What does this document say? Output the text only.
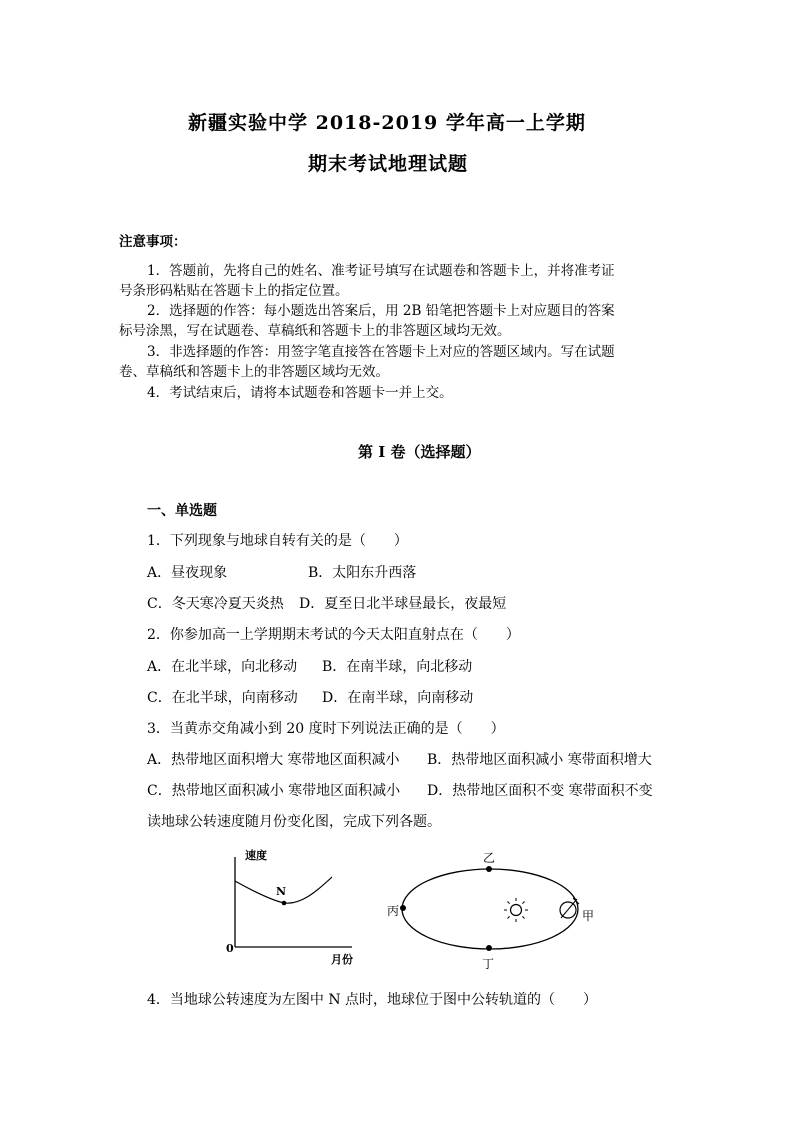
新疆实验中学 2018-2019 学年高一上学期
期末考试地理试题
注意事项：
1．答题前，先将自己的姓名、准考证号填写在试题卷和答题卡上，并将准考证
号条形码粘贴在答题卡上的指定位置。
2．选择题的作答：每小题选出答案后，用 2B 铅笔把答题卡上对应题目的答案
标号涂黑，写在试题卷、草稿纸和答题卡上的非答题区域均无效。
3．非选择题的作答：用签字笔直接答在答题卡上对应的答题区域内。写在试题
卷、草稿纸和答题卡上的非答题区域均无效。
4．考试结束后，请将本试题卷和答题卡一并上交。
第 I 卷（选择题）
一、单选题
1．下列现象与地球自转有关的是（　　）
A．昼夜现象	B．太阳东升西落
C．冬天寒冷夏天炎热 D．夏至日北半球昼最长，夜最短
2．你参加高一上学期期末考试的今天太阳直射点在（　　）
A．在北半球，向北移动 B．在南半球，向北移动
C．在北半球，向南移动 D．在南半球，向南移动
3．当黄赤交角减小到 20 度时下列说法正确的是（　　）
A．热带地区面积增大 寒带地区面积减小 B．热带地区面积减小 寒带面积增大
C．热带地区面积减小 寒带地区面积减小 D．热带地区面积不变 寒带面积不变
读地球公转速度随月份变化图，完成下列各题。
速度
月份
0
N
乙
丁
丙	甲
4．当地球公转速度为左图中 N 点时，地球位于图中公转轨道的（　　）
